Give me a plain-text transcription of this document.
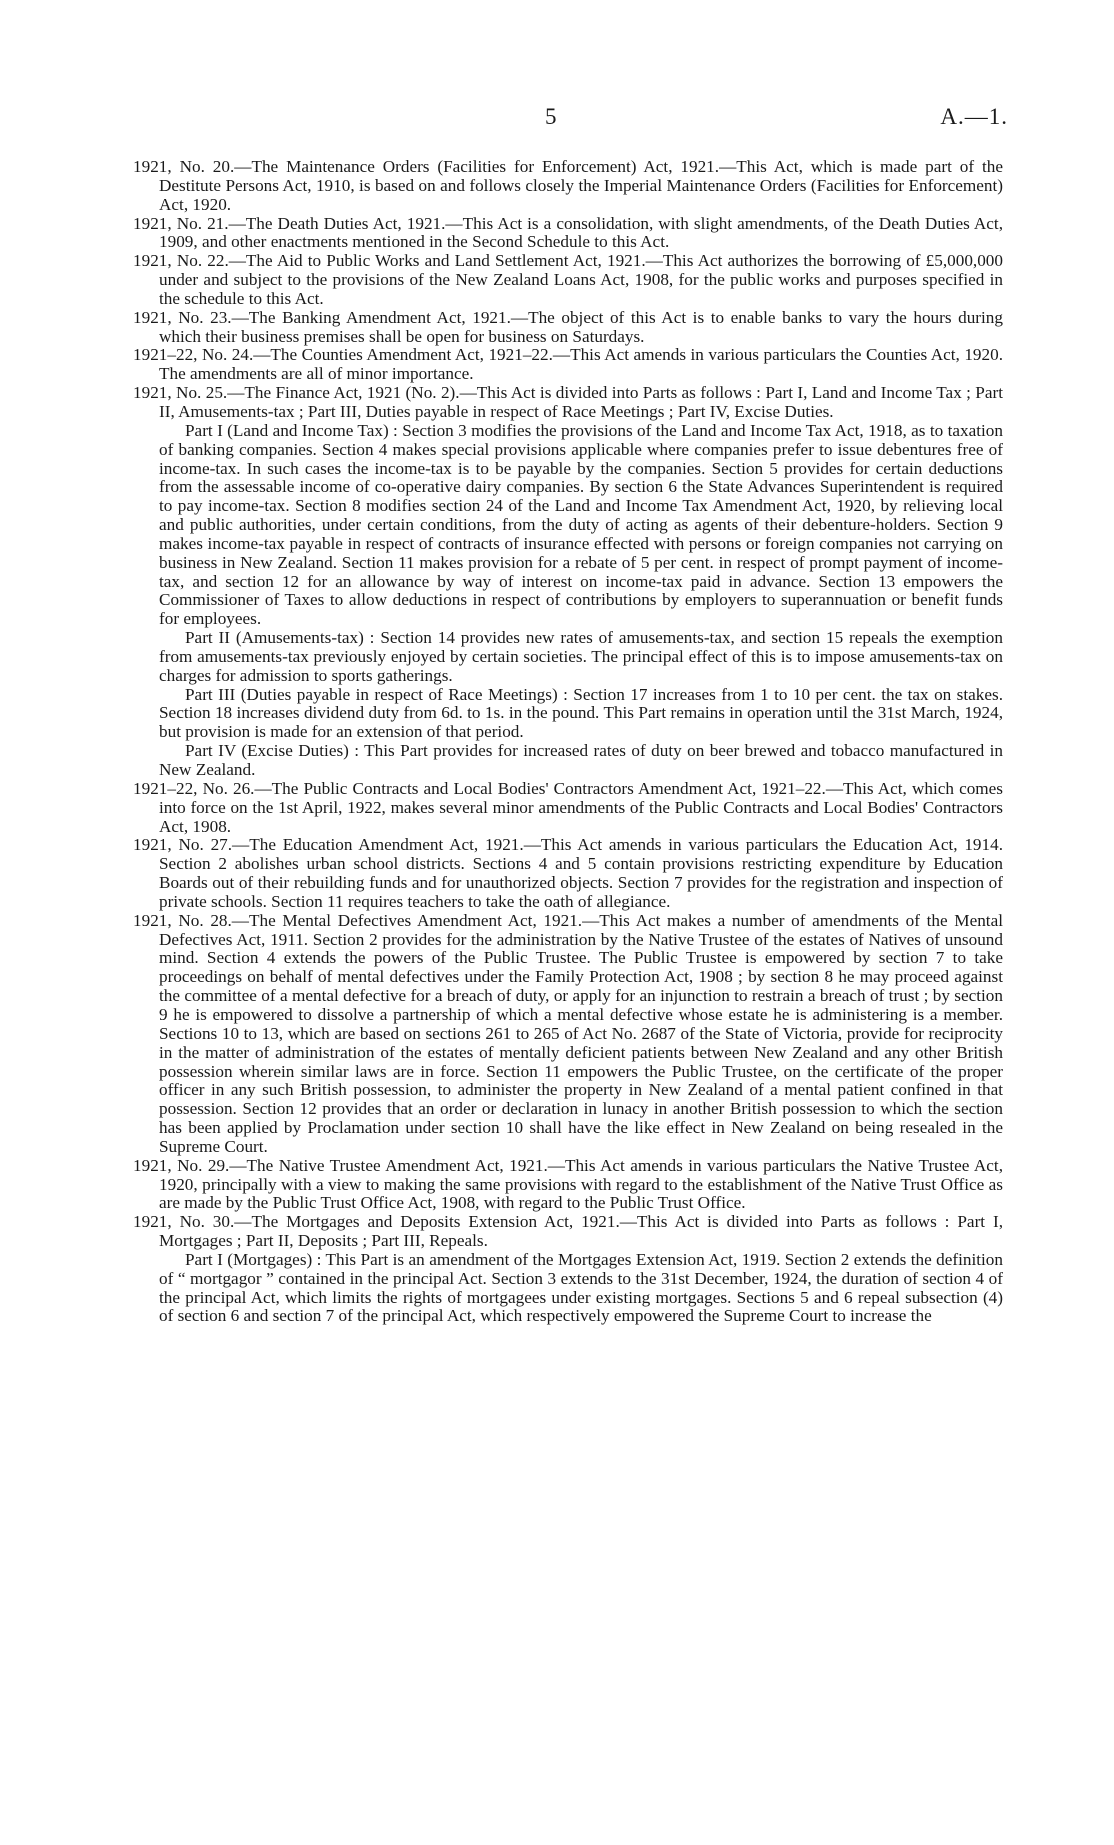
5	A.—1.

1921, No. 20.—The Maintenance Orders (Facilities for Enforcement) Act, 1921.—This Act, which is made part of the Destitute Persons Act, 1910, is based on and follows closely the Imperial Maintenance Orders (Facilities for Enforcement) Act, 1920.

1921, No. 21.—The Death Duties Act, 1921.—This Act is a consolidation, with slight amendments, of the Death Duties Act, 1909, and other enactments mentioned in the Second Schedule to this Act.

1921, No. 22.—The Aid to Public Works and Land Settlement Act, 1921.—This Act authorizes the borrowing of £5,000,000 under and subject to the provisions of the New Zealand Loans Act, 1908, for the public works and purposes specified in the schedule to this Act.

1921, No. 23.—The Banking Amendment Act, 1921.—The object of this Act is to enable banks to vary the hours during which their business premises shall be open for business on Saturdays.

1921–22, No. 24.—The Counties Amendment Act, 1921–22.—This Act amends in various particulars the Counties Act, 1920. The amendments are all of minor importance.

1921, No. 25.—The Finance Act, 1921 (No. 2).—This Act is divided into Parts as follows : Part I, Land and Income Tax ; Part II, Amusements-tax ; Part III, Duties payable in respect of Race Meetings ; Part IV, Excise Duties.

Part I (Land and Income Tax) : Section 3 modifies the provisions of the Land and Income Tax Act, 1918, as to taxation of banking companies. Section 4 makes special provisions applicable where companies prefer to issue debentures free of income-tax. In such cases the income-tax is to be payable by the companies. Section 5 provides for certain deductions from the assessable income of co-operative dairy companies. By section 6 the State Advances Superintendent is required to pay income-tax. Section 8 modifies section 24 of the Land and Income Tax Amendment Act, 1920, by relieving local and public authorities, under certain conditions, from the duty of acting as agents of their debenture-holders. Section 9 makes income-tax payable in respect of contracts of insurance effected with persons or foreign companies not carrying on business in New Zealand. Section 11 makes provision for a rebate of 5 per cent. in respect of prompt payment of income-tax, and section 12 for an allowance by way of interest on income-tax paid in advance. Section 13 empowers the Commissioner of Taxes to allow deductions in respect of contributions by employers to superannuation or benefit funds for employees.

Part II (Amusements-tax) : Section 14 provides new rates of amusements-tax, and section 15 repeals the exemption from amusements-tax previously enjoyed by certain societies. The principal effect of this is to impose amusements-tax on charges for admission to sports gatherings.

Part III (Duties payable in respect of Race Meetings) : Section 17 increases from 1 to 10 per cent. the tax on stakes. Section 18 increases dividend duty from 6d. to 1s. in the pound. This Part remains in operation until the 31st March, 1924, but provision is made for an extension of that period.

Part IV (Excise Duties) : This Part provides for increased rates of duty on beer brewed and tobacco manufactured in New Zealand.

1921–22, No. 26.—The Public Contracts and Local Bodies' Contractors Amendment Act, 1921–22.—This Act, which comes into force on the 1st April, 1922, makes several minor amendments of the Public Contracts and Local Bodies' Contractors Act, 1908.

1921, No. 27.—The Education Amendment Act, 1921.—This Act amends in various particulars the Education Act, 1914. Section 2 abolishes urban school districts. Sections 4 and 5 contain provisions restricting expenditure by Education Boards out of their rebuilding funds and for unauthorized objects. Section 7 provides for the registration and inspection of private schools. Section 11 requires teachers to take the oath of allegiance.

1921, No. 28.—The Mental Defectives Amendment Act, 1921.—This Act makes a number of amendments of the Mental Defectives Act, 1911. Section 2 provides for the administration by the Native Trustee of the estates of Natives of unsound mind. Section 4 extends the powers of the Public Trustee. The Public Trustee is empowered by section 7 to take proceedings on behalf of mental defectives under the Family Protection Act, 1908 ; by section 8 he may proceed against the committee of a mental defective for a breach of duty, or apply for an injunction to restrain a breach of trust ; by section 9 he is empowered to dissolve a partnership of which a mental defective whose estate he is administering is a member. Sections 10 to 13, which are based on sections 261 to 265 of Act No. 2687 of the State of Victoria, provide for reciprocity in the matter of administration of the estates of mentally deficient patients between New Zealand and any other British possession wherein similar laws are in force. Section 11 empowers the Public Trustee, on the certificate of the proper officer in any such British possession, to administer the property in New Zealand of a mental patient confined in that possession. Section 12 provides that an order or declaration in lunacy in another British possession to which the section has been applied by Proclamation under section 10 shall have the like effect in New Zealand on being resealed in the Supreme Court.

1921, No. 29.—The Native Trustee Amendment Act, 1921.—This Act amends in various particulars the Native Trustee Act, 1920, principally with a view to making the same provisions with regard to the establishment of the Native Trust Office as are made by the Public Trust Office Act, 1908, with regard to the Public Trust Office.

1921, No. 30.—The Mortgages and Deposits Extension Act, 1921.—This Act is divided into Parts as follows : Part I, Mortgages ; Part II, Deposits ; Part III, Repeals.

Part I (Mortgages) : This Part is an amendment of the Mortgages Extension Act, 1919. Section 2 extends the definition of “ mortgagor ” contained in the principal Act. Section 3 extends to the 31st December, 1924, the duration of section 4 of the principal Act, which limits the rights of mortgagees under existing mortgages. Sections 5 and 6 repeal subsection (4) of section 6 and section 7 of the principal Act, which respectively empowered the Supreme Court to increase the
